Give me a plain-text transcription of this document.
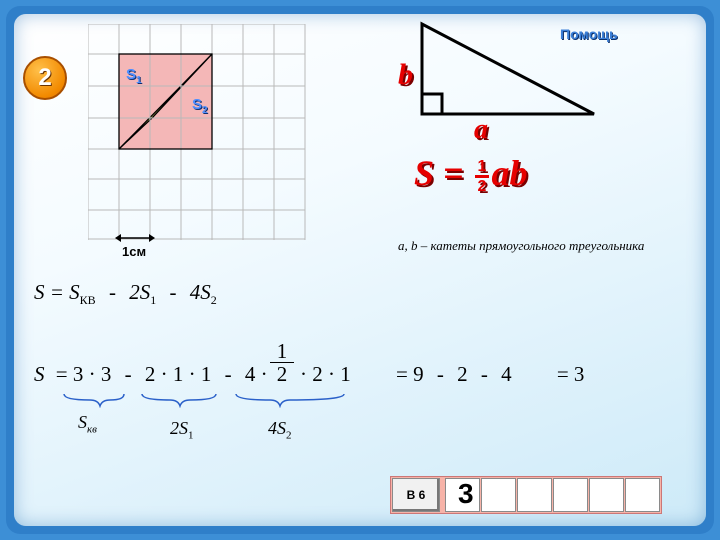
2
Помощь
$S_1$
$S_2$
1см
b
a
$S = \frac{1}{2}ab$
a, b – катеты прямоугольного треугольника
$S = S_{КВ} - 2S_1 - 4S_2$
S = 3 · 3 - 2 · 1 · 1 - 4 ·
1
2 · 2 · 1 = 9 - 2 - 4 = 3
$S_{кв}$	$2S_1$	$4S_2$
В 6	3
